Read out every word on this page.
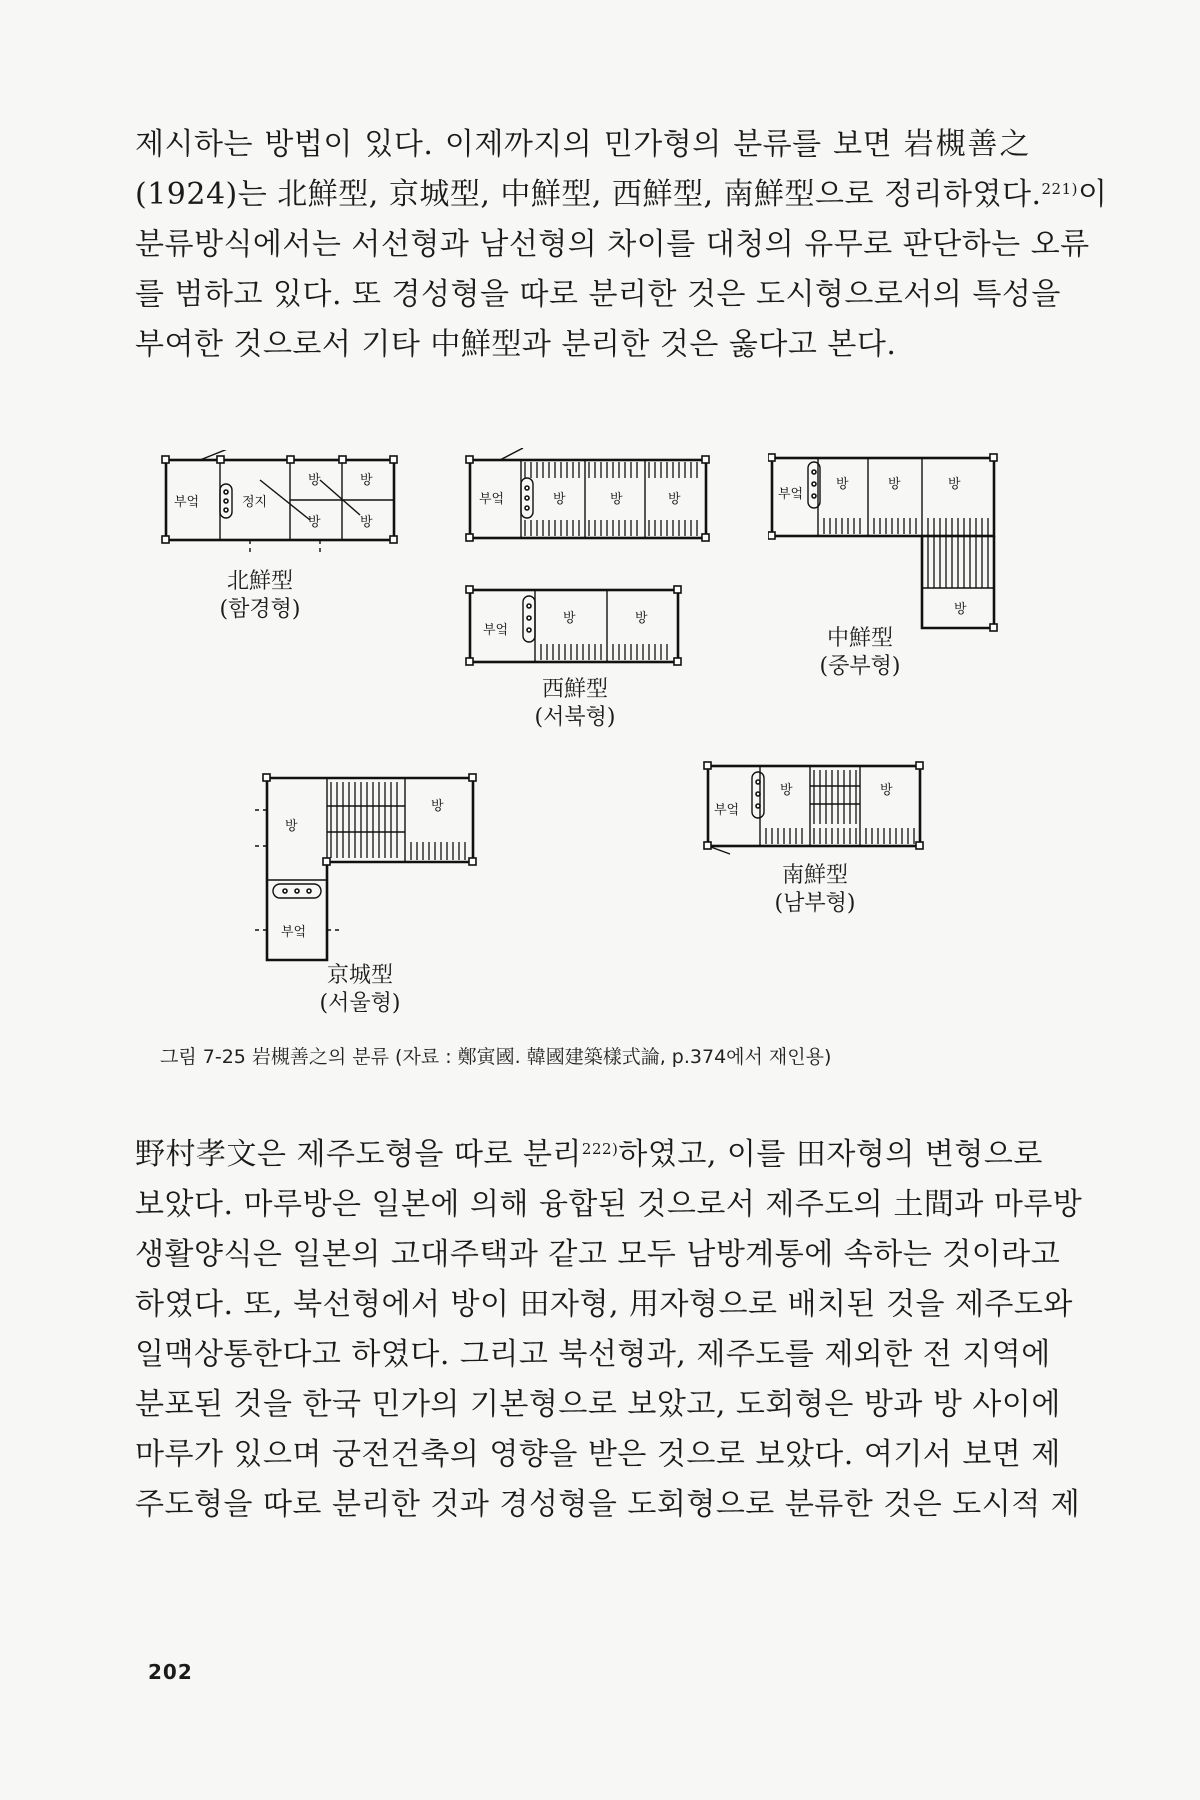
제시하는 방법이 있다. 이제까지의 민가형의 분류를 보면 岩槻善之
(1924)는 北鮮型, 京城型, 中鮮型, 西鮮型, 南鮮型으로 정리하였다.$^{221)}$이
분류방식에서는 서선형과 남선형의 차이를 대청의 유무로 판단하는 오류
를 범하고 있다. 또 경성형을 따로 분리한 것은 도시형으로서의 특성을
부여한 것으로서 기타 中鮮型과 분리한 것은 옳다고 본다.
부엌	정지
방	방
방	방
北鮮型
(함경형)
부엌	방	방	방
부엌
방	방
西鮮型
(서북형)
부엌
방	방	방
방
中鮮型
(중부형)
방
방
부엌
京城型
(서울형)
부엌
방	방
南鮮型
(남부형)
그림 7-25 岩槻善之의 분류 (자료 : 鄭寅國. 韓國建築樣式論, p.374에서 재인용)
野村孝文은 제주도형을 따로 분리$^{222)}$하였고, 이를 田자형의 변형으로
보았다. 마루방은 일본에 의해 융합된 것으로서 제주도의 土間과 마루방
생활양식은 일본의 고대주택과 같고 모두 남방계통에 속하는 것이라고
하였다. 또, 북선형에서 방이 田자형, 用자형으로 배치된 것을 제주도와
일맥상통한다고 하였다. 그리고 북선형과, 제주도를 제외한 전 지역에
분포된 것을 한국 민가의 기본형으로 보았고, 도회형은 방과 방 사이에
마루가 있으며 궁전건축의 영향을 받은 것으로 보았다. 여기서 보면 제
주도형을 따로 분리한 것과 경성형을 도회형으로 분류한 것은 도시적 제
202
